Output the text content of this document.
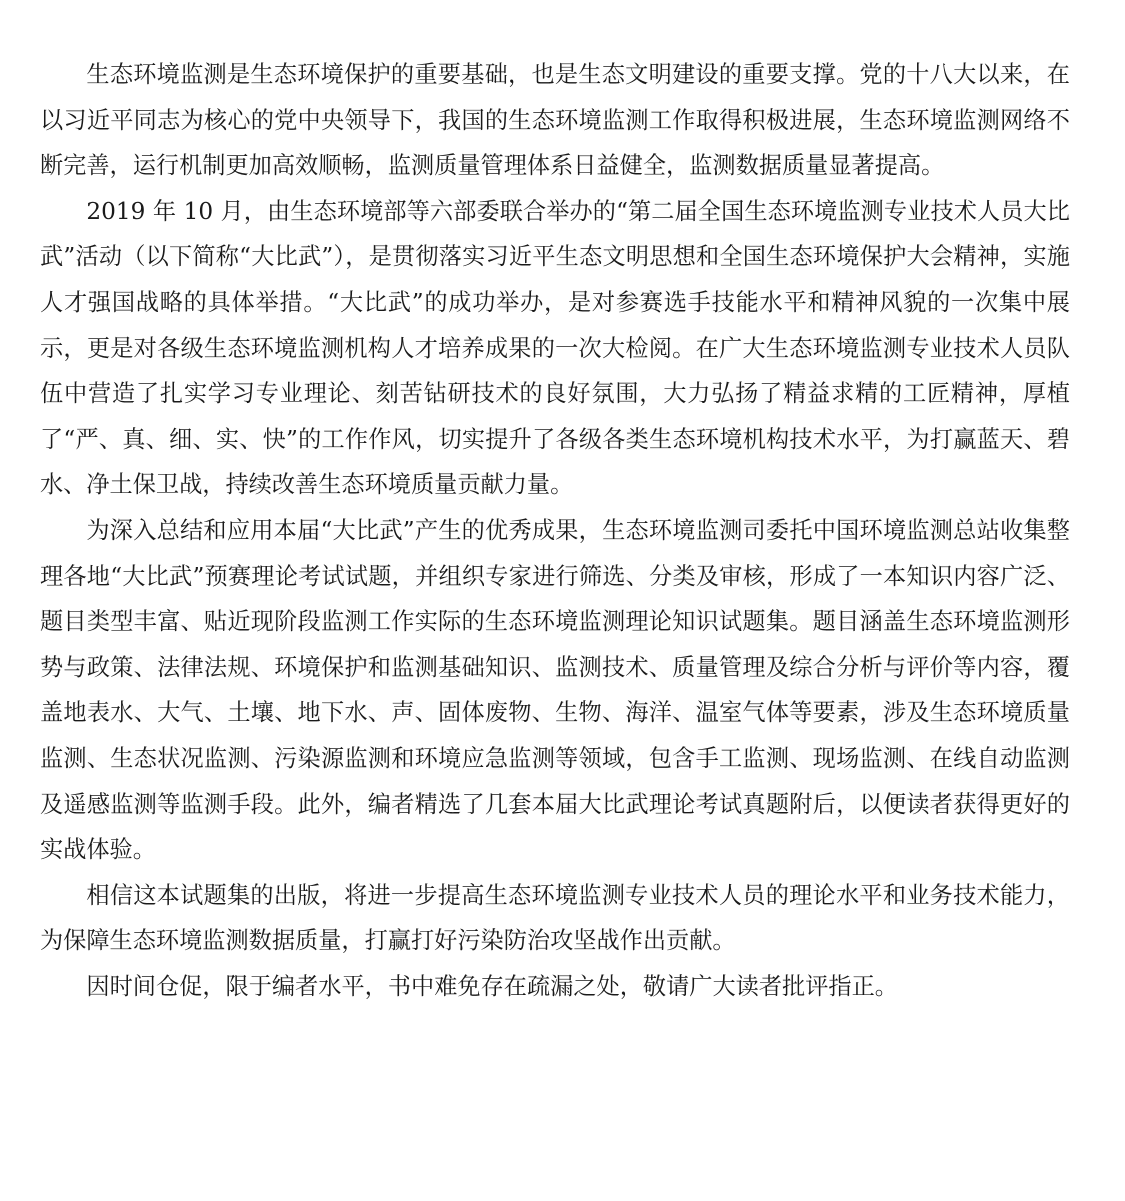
生态环境监测是生态环境保护的重要基础，也是生态文明建设的重要支撑。党的十八大以来，在以习近平同志为核心的党中央领导下，我国的生态环境监测工作取得积极进展，生态环境监测网络不断完善，运行机制更加高效顺畅，监测质量管理体系日益健全，监测数据质量显著提高。

2019 年 10 月，由生态环境部等六部委联合举办的“第二届全国生态环境监测专业技术人员大比武”活动（以下简称“大比武”），是贯彻落实习近平生态文明思想和全国生态环境保护大会精神，实施人才强国战略的具体举措。“大比武”的成功举办，是对参赛选手技能水平和精神风貌的一次集中展示，更是对各级生态环境监测机构人才培养成果的一次大检阅。在广大生态环境监测专业技术人员队伍中营造了扎实学习专业理论、刻苦钻研技术的良好氛围，大力弘扬了精益求精的工匠精神，厚植了“严、真、细、实、快”的工作作风，切实提升了各级各类生态环境机构技术水平，为打赢蓝天、碧水、净土保卫战，持续改善生态环境质量贡献力量。

为深入总结和应用本届“大比武”产生的优秀成果，生态环境监测司委托中国环境监测总站收集整理各地“大比武”预赛理论考试试题，并组织专家进行筛选、分类及审核，形成了一本知识内容广泛、题目类型丰富、贴近现阶段监测工作实际的生态环境监测理论知识试题集。题目涵盖生态环境监测形势与政策、法律法规、环境保护和监测基础知识、监测技术、质量管理及综合分析与评价等内容，覆盖地表水、大气、土壤、地下水、声、固体废物、生物、海洋、温室气体等要素，涉及生态环境质量监测、生态状况监测、污染源监测和环境应急监测等领域，包含手工监测、现场监测、在线自动监测及遥感监测等监测手段。此外，编者精选了几套本届大比武理论考试真题附后，以便读者获得更好的实战体验。

相信这本试题集的出版，将进一步提高生态环境监测专业技术人员的理论水平和业务技术能力，为保障生态环境监测数据质量，打赢打好污染防治攻坚战作出贡献。

因时间仓促，限于编者水平，书中难免存在疏漏之处，敬请广大读者批评指正。
